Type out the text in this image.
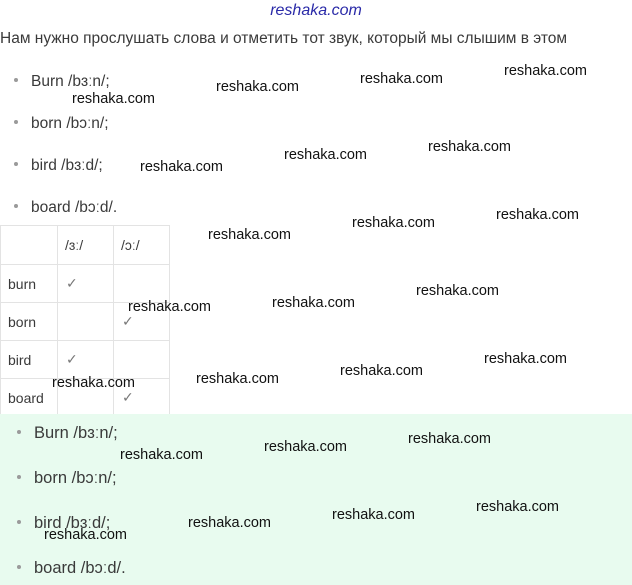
reshaka.com
Нам нужно прослушать слова и отметить тот звук, который мы слышим в этом
Burn /bɜːn/;
born /bɔːn/;
bird /bɜːd/;
board /bɔːd/.
	/ɜː/	/ɔː/
burn	✓	
born		✓
bird	✓	
board		✓
Burn /bɜːn/;
born /bɔːn/;
bird /bɜːd/;
board /bɔːd/.
reshaka.com	reshaka.com	reshaka.com
reshaka.com
reshaka.com
reshaka.com	reshaka.com
reshaka.com
reshaka.com	reshaka.com
reshaka.com	reshaka.com
reshaka.com
reshaka.com	reshaka.com	reshaka.com
reshaka.com
reshaka.com	reshaka.com	reshaka.com
reshaka.com
reshaka.com	reshaka.com	reshaka.com
